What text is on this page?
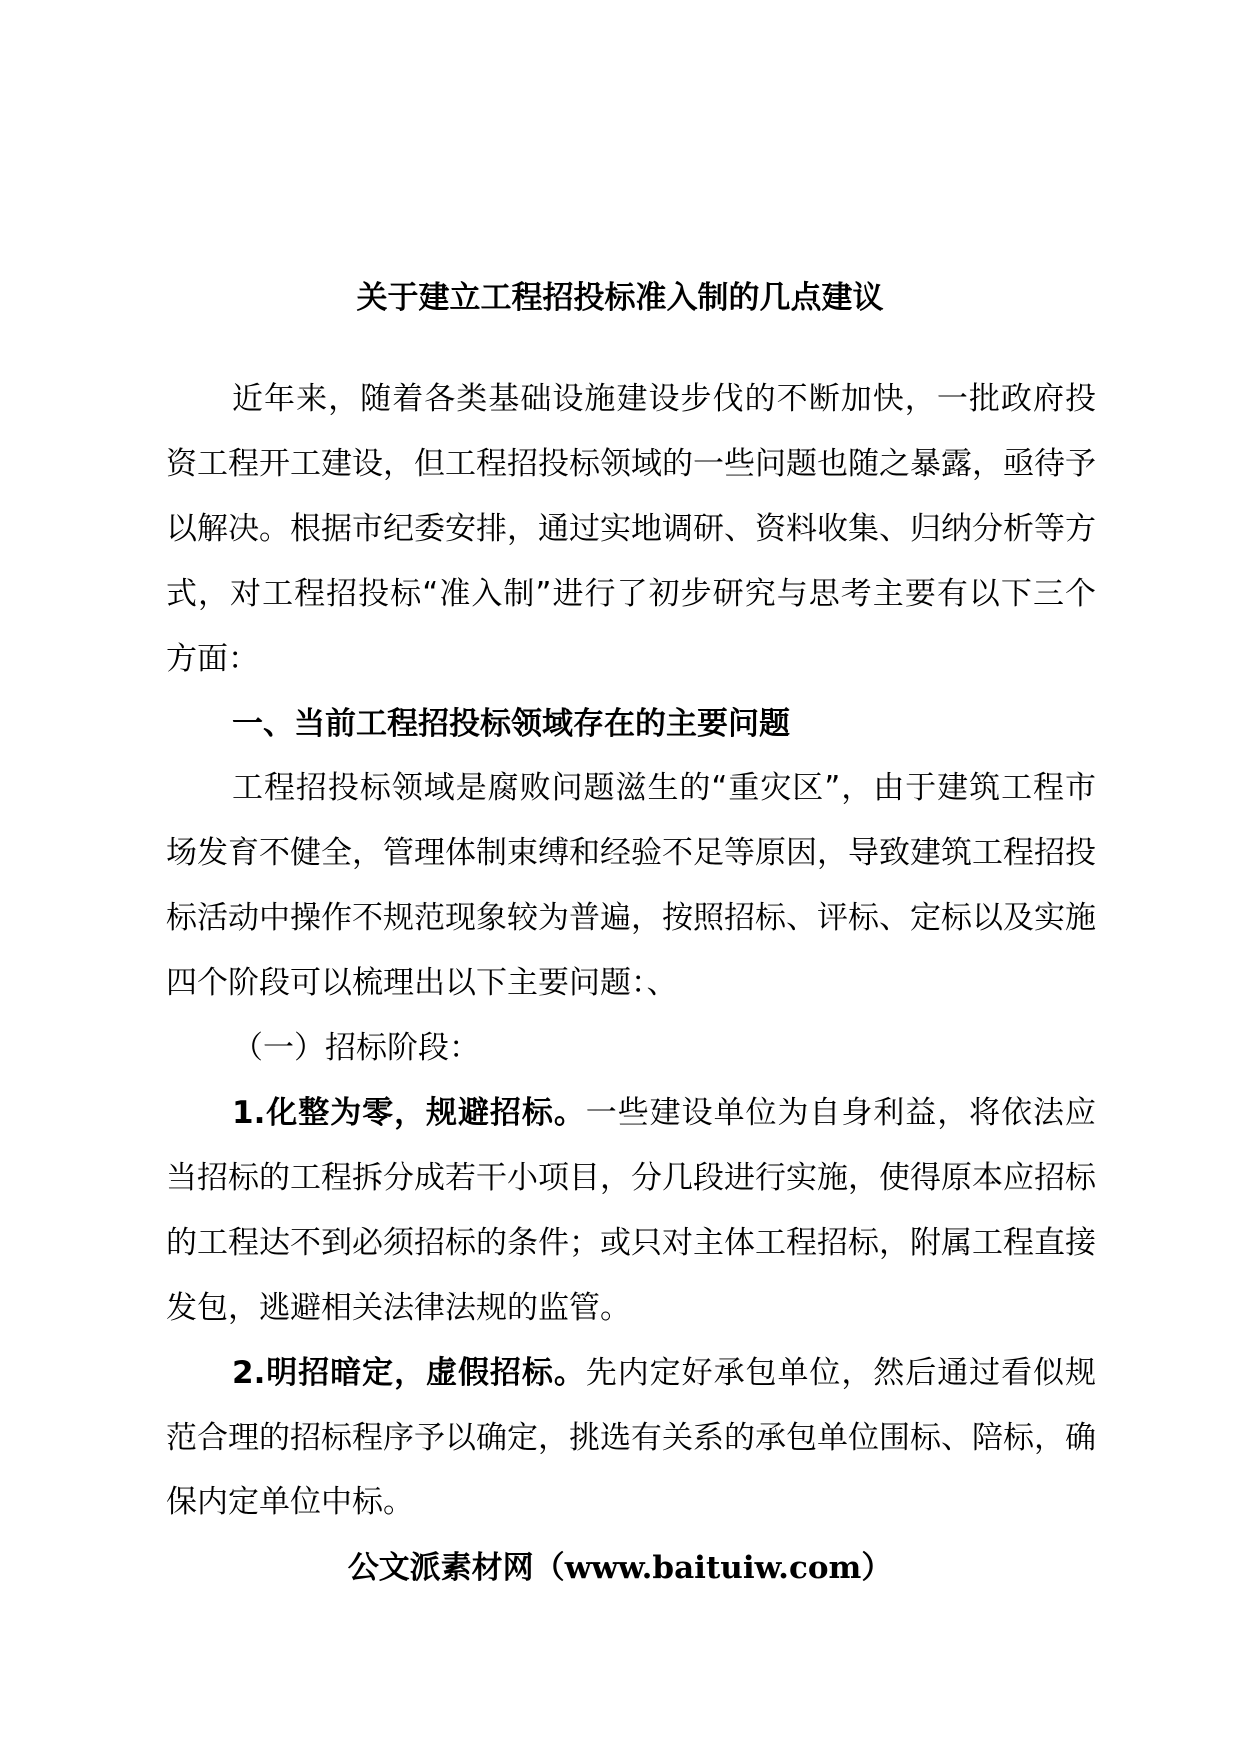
关于建立工程招投标准入制的几点建议

近年来，随着各类基础设施建设步伐的不断加快，一批政府投资工程开工建设，但工程招投标领域的一些问题也随之暴露，亟待予以解决。根据市纪委安排，通过实地调研、资料收集、归纳分析等方式，对工程招投标“准入制”进行了初步研究与思考主要有以下三个方面：

一、当前工程招投标领域存在的主要问题

工程招投标领域是腐败问题滋生的“重灾区”，由于建筑工程市场发育不健全，管理体制束缚和经验不足等原因，导致建筑工程招投标活动中操作不规范现象较为普遍，按照招标、评标、定标以及实施四个阶段可以梳理出以下主要问题：、

（一）招标阶段：

1.化整为零，规避招标。一些建设单位为自身利益，将依法应当招标的工程拆分成若干小项目，分几段进行实施，使得原本应招标的工程达不到必须招标的条件；或只对主体工程招标，附属工程直接发包，逃避相关法律法规的监管。

2.明招暗定，虚假招标。先内定好承包单位，然后通过看似规范合理的招标程序予以确定，挑选有关系的承包单位围标、陪标，确保内定单位中标。

公文派素材网（www.baituiw.com）
